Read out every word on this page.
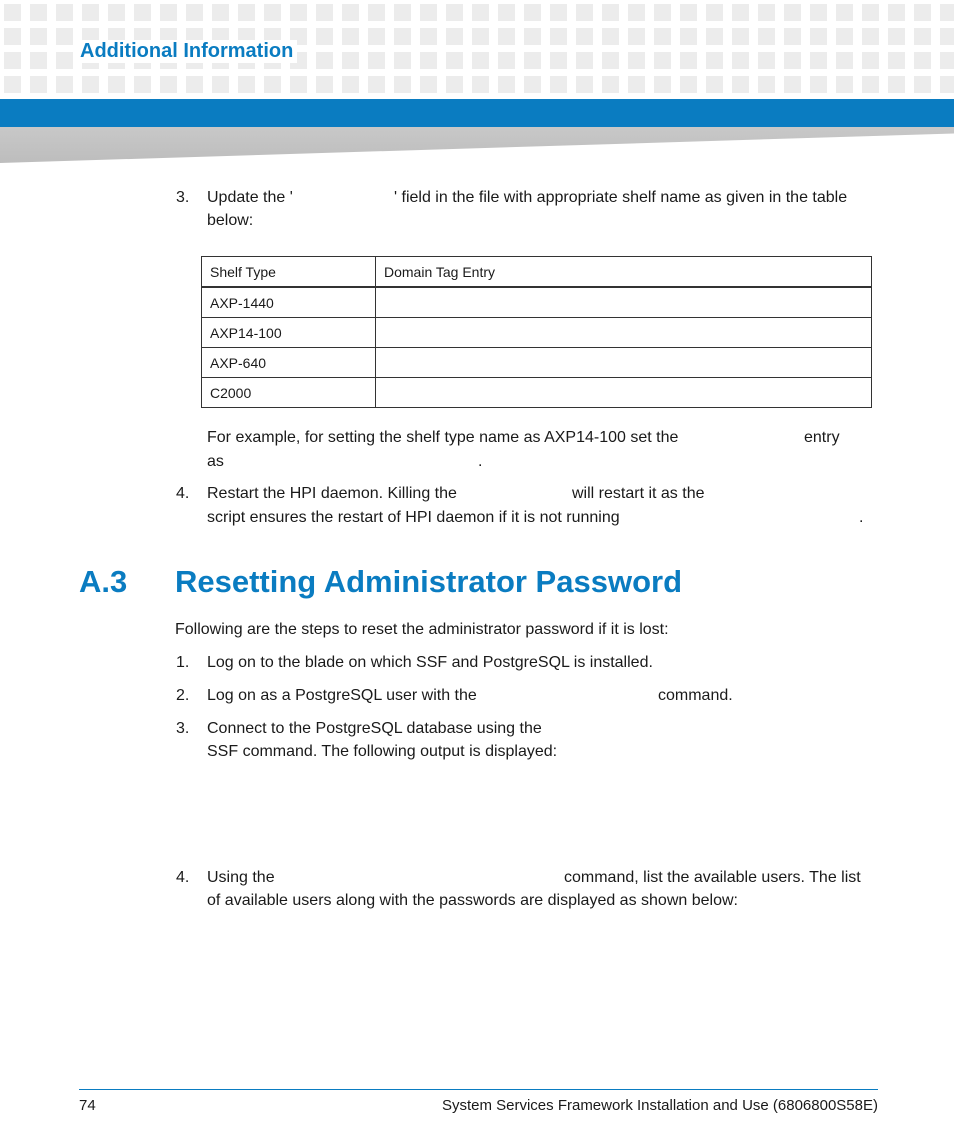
Additional Information
3. Update the '	' field in the file with appropriate shelf name as given in the table
below:
Shelf Type	Domain Tag Entry
AXP-1440	
AXP14-100	
AXP-640	
C2000	
For example, for setting the shelf type name as AXP14-100 set the	entry
as	.
4. Restart the HPI daemon. Killing the	will restart it as the
script ensures the restart of HPI daemon if it is not running	.
A.3 Resetting Administrator Password
Following are the steps to reset the administrator password if it is lost:
1. Log on to the blade on which SSF and PostgreSQL is installed.
2. Log on as a PostgreSQL user with the	command.
3. Connect to the PostgreSQL database using the
SSF command. The following output is displayed:
4. Using the	command, list the available users. The list
of available users along with the passwords are displayed as shown below:
74	System Services Framework Installation and Use (6806800S58E)
